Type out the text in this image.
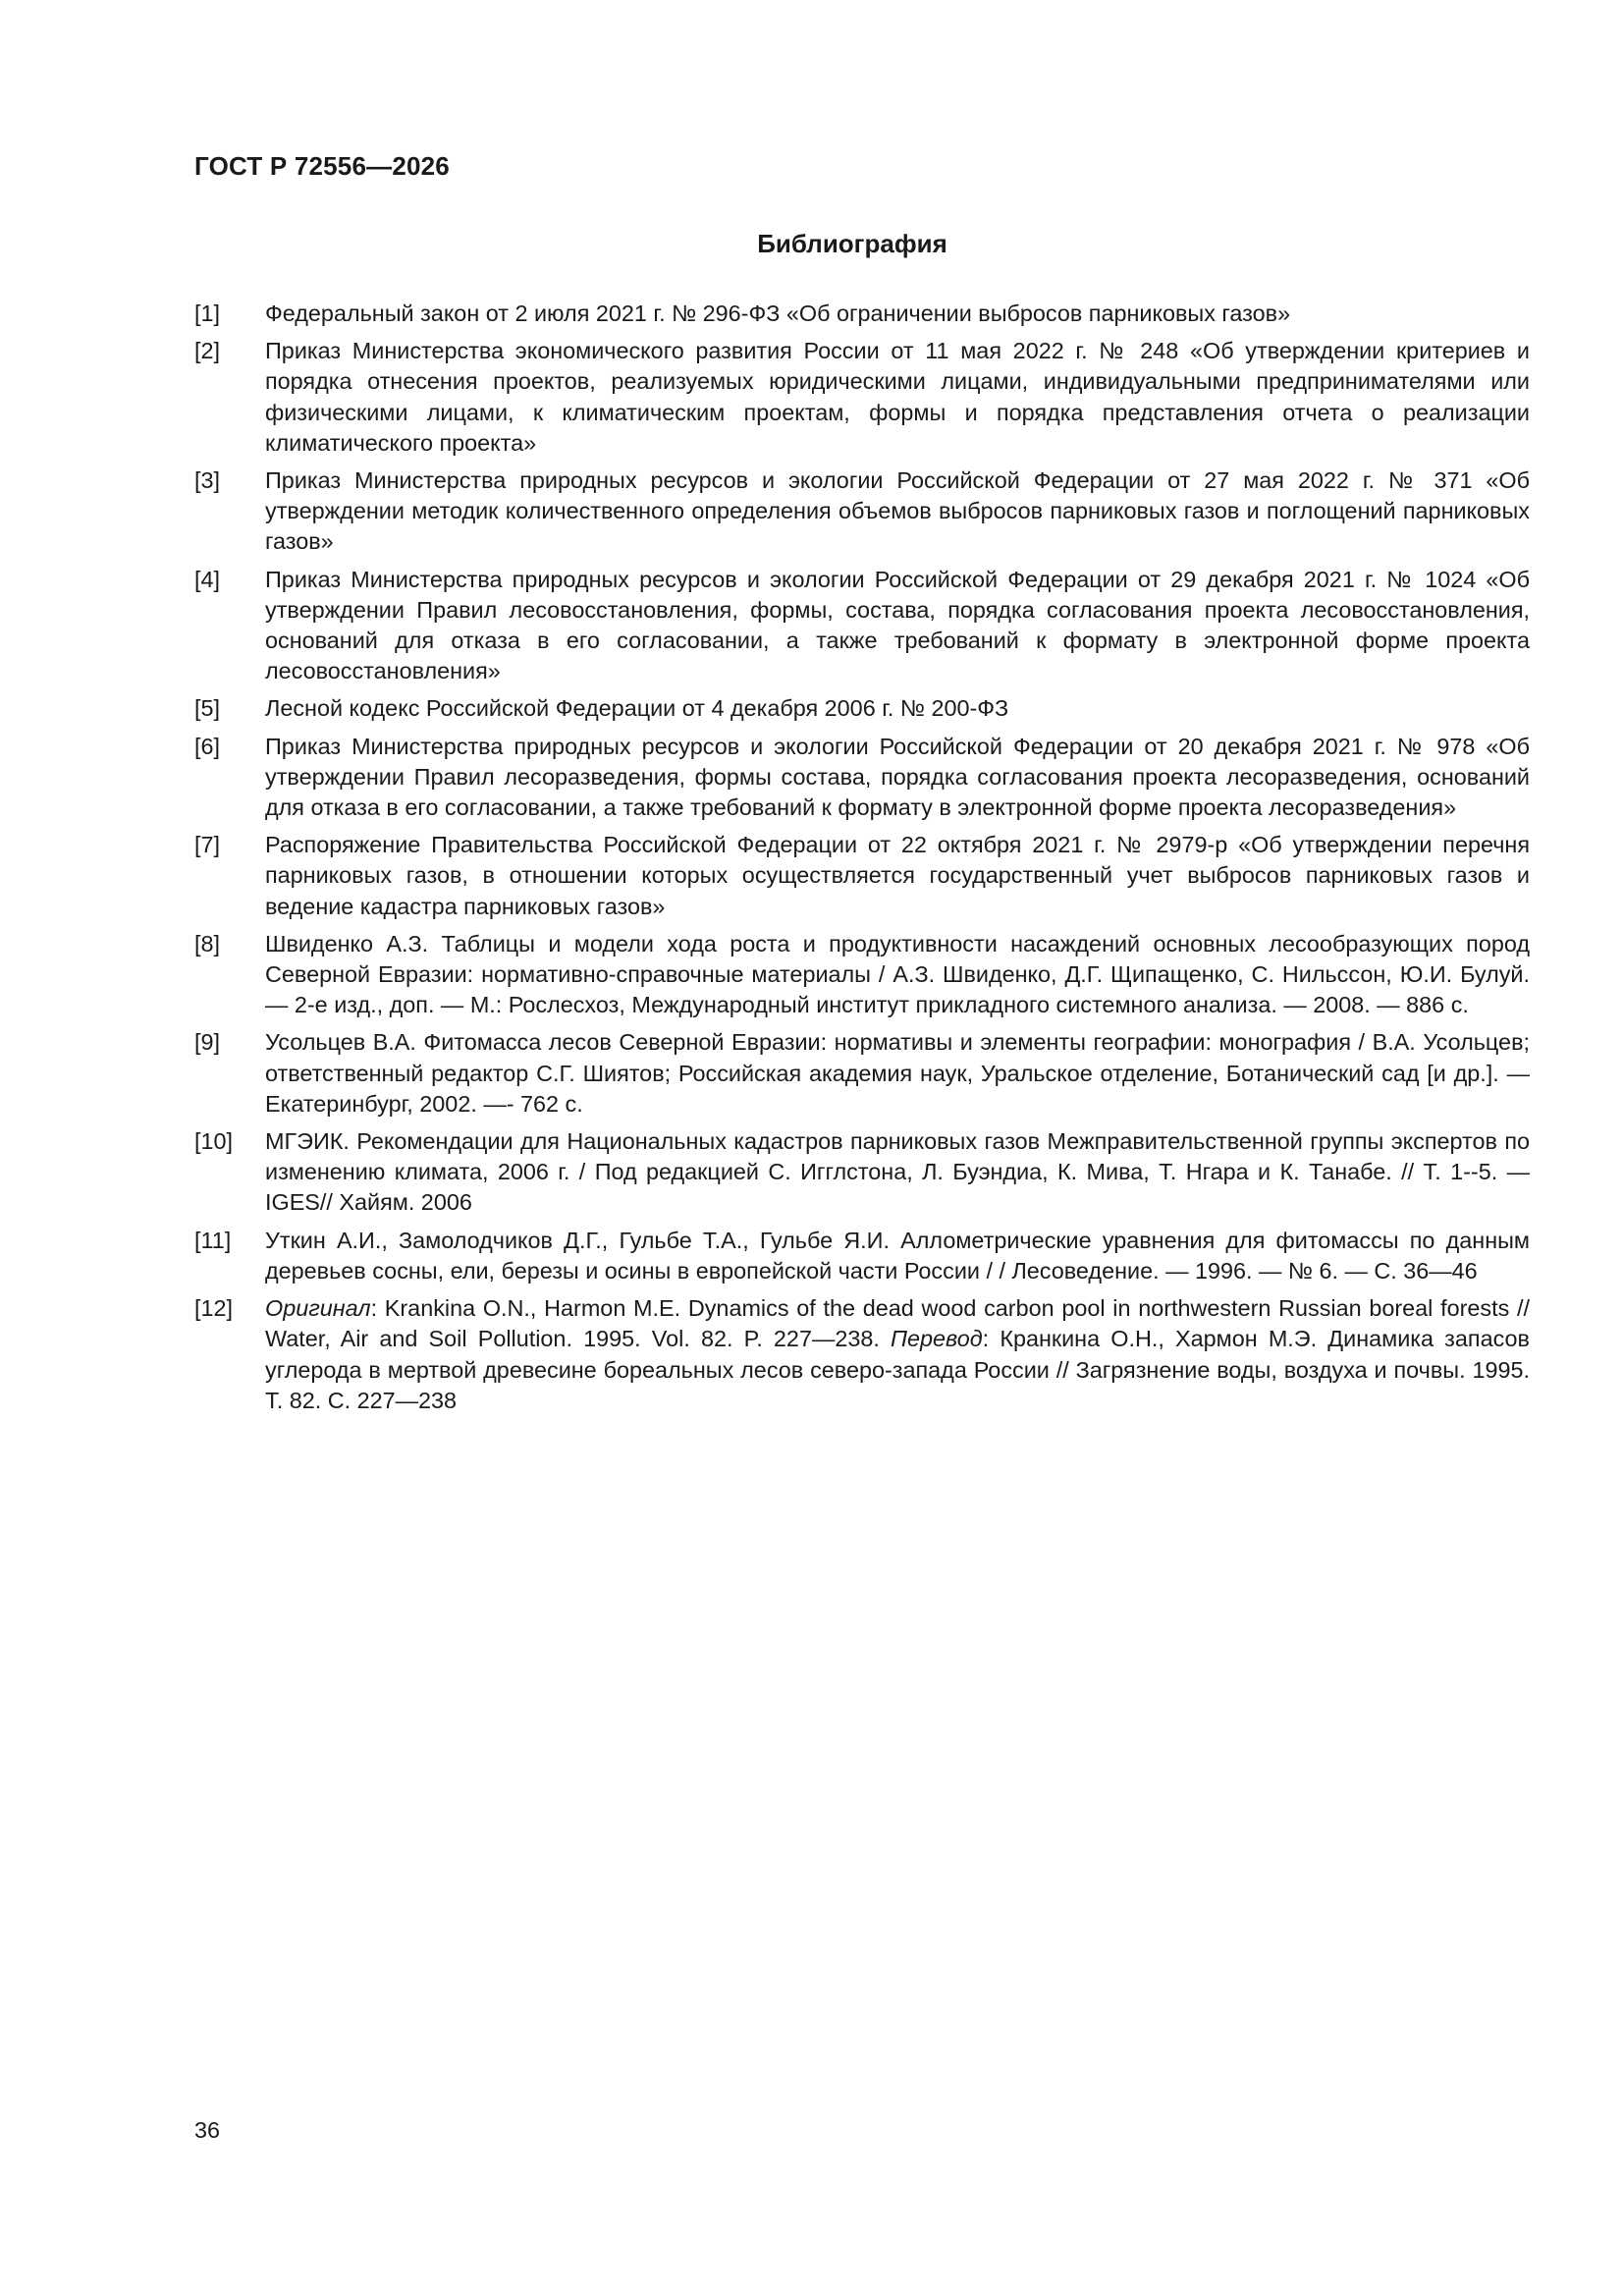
ГОСТ Р 72556—2026
Библиография
[1]	Федеральный закон от 2 июля 2021 г. № 296-ФЗ «Об ограничении выбросов парниковых газов»
[2]	Приказ Министерства экономического развития России от 11 мая 2022 г. № 248 «Об утверждении критериев и порядка отнесения проектов, реализуемых юридическими лицами, индивидуальными предпринимателями или физическими лицами, к климатическим проектам, формы и порядка представления отчета о реализации климатического проекта»
[3]	Приказ Министерства природных ресурсов и экологии Российской Федерации от 27 мая 2022 г. № 371 «Об утверждении методик количественного определения объемов выбросов парниковых газов и поглощений парниковых газов»
[4]	Приказ Министерства природных ресурсов и экологии Российской Федерации от 29 декабря 2021 г. № 1024 «Об утверждении Правил лесовосстановления, формы, состава, порядка согласования проекта лесовосстановления, оснований для отказа в его согласовании, а также требований к формату в электронной форме проекта лесовосстановления»
[5]	Лесной кодекс Российской Федерации от 4 декабря 2006 г. № 200-ФЗ
[6]	Приказ Министерства природных ресурсов и экологии Российской Федерации от 20 декабря 2021 г. № 978 «Об утверждении Правил лесоразведения, формы состава, порядка согласования проекта лесоразведения, оснований для отказа в его согласовании, а также требований к формату в электронной форме проекта лесоразведения»
[7]	Распоряжение Правительства Российской Федерации от 22 октября 2021 г. № 2979-р «Об утверждении перечня парниковых газов, в отношении которых осуществляется государственный учет выбросов парниковых газов и ведение кадастра парниковых газов»
[8]	Швиденко А.З. Таблицы и модели хода роста и продуктивности насаждений основных лесообразующих пород Северной Евразии: нормативно-справочные материалы / А.З. Швиденко, Д.Г. Щипащенко, С. Нильссон, Ю.И. Булуй. — 2-е изд., доп. — М.: Рослесхоз, Международный институт прикладного системного анализа. — 2008. — 886 с.
[9]	Усольцев В.А. Фитомасса лесов Северной Евразии: нормативы и элементы географии: монография / В.А. Усольцев; ответственный редактор С.Г. Шиятов; Российская академия наук, Уральское отделение, Ботанический сад [и др.]. — Екатеринбург, 2002. —- 762 с.
[10]	МГЭИК. Рекомендации для Национальных кадастров парниковых газов Межправительственной группы экспертов по изменению климата, 2006 г. / Под редакцией С. Игглстона, Л. Буэндиа, К. Мива, Т. Нгара и К. Танабе. // Т. 1--5. — IGES// Хайям. 2006
[11]	Уткин А.И., Замолодчиков Д.Г., Гульбе Т.А., Гульбе Я.И. Аллометрические уравнения для фитомассы по данным деревьев сосны, ели, березы и осины в европейской части России / / Лесоведение. — 1996. — № 6. — С. 36—46
[12]	Оригинал: Krankina O.N., Harmon M.E. Dynamics of the dead wood carbon pool in northwestern Russian boreal forests // Water, Air and Soil Pollution. 1995. Vol. 82. P. 227—238. Перевод: Кранкина О.Н., Хармон М.Э. Динамика запасов углерода в мертвой древесине бореальных лесов северо-запада России // Загрязнение воды, воздуха и почвы. 1995. Т. 82. С. 227—238
36
